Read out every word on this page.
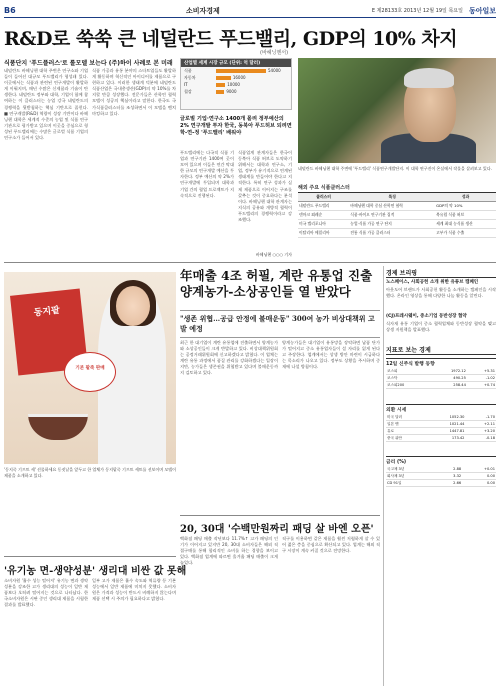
B6	소비자경제	E 제28133호 2013년 12월 19일 목요일 동아일보
R&D로 쑥쑥 큰 네덜란드 푸드밸리, GDP의 10% 차지
(바헤닝헨서)
식품단지 '푸드플러스'로 롤모델 보는다 (주)하이 사례로 본 미래
네덜란드 바헤닝헨 대학 주변은 연구소와 기업들이 들어선 대규모 푸드밸리가 형성돼 있다. 이곳에서는 식품과 관련된 연구개발이 활발하게 이뤄지며, 매년 수많은 신제품과 기술이 탄생한다. 네덜란드 정부와 대학, 기업이 함께 참여하는 이 클러스터는 농업 강국 네덜란드의 경쟁력을 뒷받침하는 핵심 기반으로 꼽힌다. ■ 연구개발(R&D) 역량이 성장 기반이다 바헤닝헨 대학은 세계적 수준의 농업 및 식품 연구기관으로 평가받고 있으며 이곳을 중심으로 형성된 푸드밸리에는 수많은 글로벌 식품 기업의 연구소가 들어서 있다.
식품 가공과 유통 분야의 스타트업들도 활발하게 활동하며 혁신적인 아이디어를 제품으로 구현하고 있다. 이러한 생태계 덕분에 네덜란드 식품산업은 국내총생산(GDP)의 약 10%를 차지할 만큼 성장했다. 전문가들은 산학연 협력 모델이 성공의 핵심이라고 말한다. 한국도 국가식품클러스터를 조성하면서 이 모델을 벤치마킹하고 있다.
산업별 세계 시장 규모 (단위: 억 달러)
식품	54000
자동차	16000
IT	10000
철강	9000
글로벌 기업·연구소 1400개 몰려 정부예산의 2% 연구개발 투자 한국, 동북아 푸드허브 되려면 학-연-정 '푸드밸리' 배워야
푸드밸리에는 다국적 식품 기업과 연구기관 1400여 곳이 모여 있으며 이들은 연간 막대한 규모의 연구개발 예산을 투자한다. 정부 예산의 약 2%가 연구개발에 투입되며 대학과 기업 간의 협업 프로젝트가 지속적으로 진행된다.
식품업계 관계자들은 한국이 동북아 식품 허브로 도약하기 위해서는 대학과 연구소, 기업, 정부가 유기적으로 연계된 생태계를 만들어야 한다고 지적한다. 특히 연구 성과가 실제 제품으로 이어지는 구조를 갖추는 것이 중요하다는 분석이다. 바헤닝헨 대학 관계자는 지식의 공유와 개방적 협력이 푸드밸리의 경쟁력이라고 강조했다.
바헤닝헨 ○○○ 기자
네덜란드 바헤닝헨 대학 주변에 '푸드밸리' 식품연구개발단지. 이 대학 연구진이 온실에서 작물을 살펴보고 있다.
해외 주요 식품클러스터
클러스터	특징	성과
네덜란드 푸드밸리	바헤닝헨 대학 중심 산학연 협력	GDP의 약 10%
덴마크 외레순	식품·바이오 연구기관 집적	북유럽 식품 허브
미국 캘리포니아	농업·식품 가공 연구 단지	세계 최대 농식품 생산
이탈리아 에밀리아	전통 식품 가공 클러스터	고부가 식품 수출
동지팥
기본 팥죽 판매
'동지죽 기프트 세' 선물하세요 동짓날을 앞두고 한 업체가 동지팥죽 기프트 세트를 선보이며 모델이 제품을 소개하고 있다.
年매출 4조 허필, 계란 유통업 진출 양계농가-소상공인들 열 받았다
"생존 위협…공급 안정에 불매운동" 300여 농가 비상대책위 고발 예정
최근 한 대기업이 계란 유통업에 진출하면서 양계농가와 소상공인들이 크게 반발하고 있다. 비상대책위원회는 공정거래위원회에 신고하겠다고 밝혔다. 이 업체는 계란 유통 과정에서 품질 관리를 강화하겠다는 입장이지만, 농가들은 생존권을 위협받고 있다며 불매운동까지 검토하고 있다.
양계농가들은 대기업이 유통망을 장악하면 납품 단가가 떨어지고 중소 유통업자들이 설 자리를 잃게 된다고 주장한다. 업계에서는 상생 방안 마련이 시급하다는 목소리가 나오고 있다. 정부도 상황을 주시하며 중재에 나설 방침이다.
20, 30대 '수백만원짜리 패딩 살 바엔 오픈'
백화점 패딩 매출 작년보다 11.7%↑ 고가 패딩의 인기가 이어지고 있지만 20, 30대 소비자들은 해외 직접구매를 통해 합리적인 소비를 하는 경향을 보이고 있다. 백화점 업계에 따르면 올겨울 패딩 매출이 크게 늘었다.
직구를 이용하면 같은 제품을 훨씬 저렴하게 살 수 있어 젊은 층을 중심으로 확산되고 있다. 업계는 해외 직구 시장이 계속 커질 것으로 전망한다.
'유기농 면-생약성분' 생리대 비싼 값 못해
소비자원 '흡수 성능 떨어져' 유기농 면과 생약 성분을 강조한 고가 생리대의 성능이 일반 제품보다 오히려 떨어지는 것으로 나타났다. 한국소비자원은 시판 중인 생리대 제품을 시험한 결과를 발표했다.
일부 고가 제품은 흡수 속도와 역류량 등 기본 성능에서 일반 제품에 미치지 못했다. 소비자원은 가격과 성능이 반드시 비례하지 않는다며 제품 선택 시 주의가 필요하다고 밝혔다.
경제 브리핑
노스페이스, 사회공헌 소개 위한 유튜브 캠페인
아웃도어 브랜드가 사회공헌 활동을 소개하는 캠페인을 시작했다. 온라인 영상을 통해 다양한 나눔 활동을 알린다.
(CJ)프레시웨이, 중소기업 동반성장 협약
식자재 유통 기업이 중소 협력업체와 동반성장 협약을 맺고 상생 지원책을 발표했다.
지표로 보는 경제
12일 신주식 발행 동향
코스피	1972.12	+5.31
코스닥	490.25	-1.02
코스피200	258.44	+0.74
외환 시세
미국 달러	1052.30	-1.70
일본 엔	1021.44	+2.11
유로	1447.81	+3.20
중국 위안	173.42	-0.18
금리 (%)
국고채 3년	2.88	+0.01
회사채 3년	3.32	0.00
CD 91일	2.66	0.00
